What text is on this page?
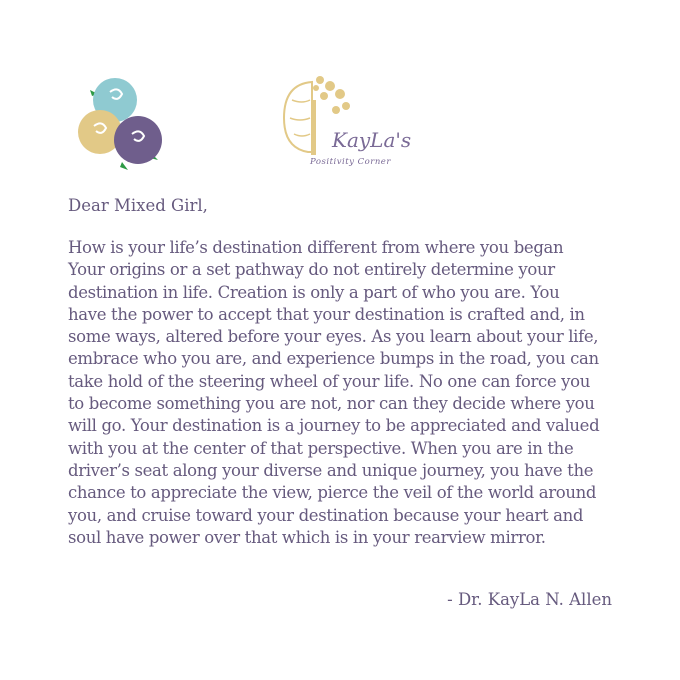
KayLa's
Positivity Corner
Dear Mixed Girl,
How is your life’s destination different from where you began
Your origins or a set pathway do not entirely determine your
destination in life. Creation is only a part of who you are. You
have the power to accept that your destination is crafted and, in
some ways, altered before your eyes. As you learn about your life,
embrace who you are, and experience bumps in the road, you can
take hold of the steering wheel of your life. No one can force you
to become something you are not, nor can they decide where you
will go. Your destination is a journey to be appreciated and valued
with you at the center of that perspective. When you are in the
driver’s seat along your diverse and unique journey, you have the
chance to appreciate the view, pierce the veil of the world around
you, and cruise toward your destination because your heart and
soul have power over that which is in your rearview mirror.
- Dr. KayLa N. Allen
